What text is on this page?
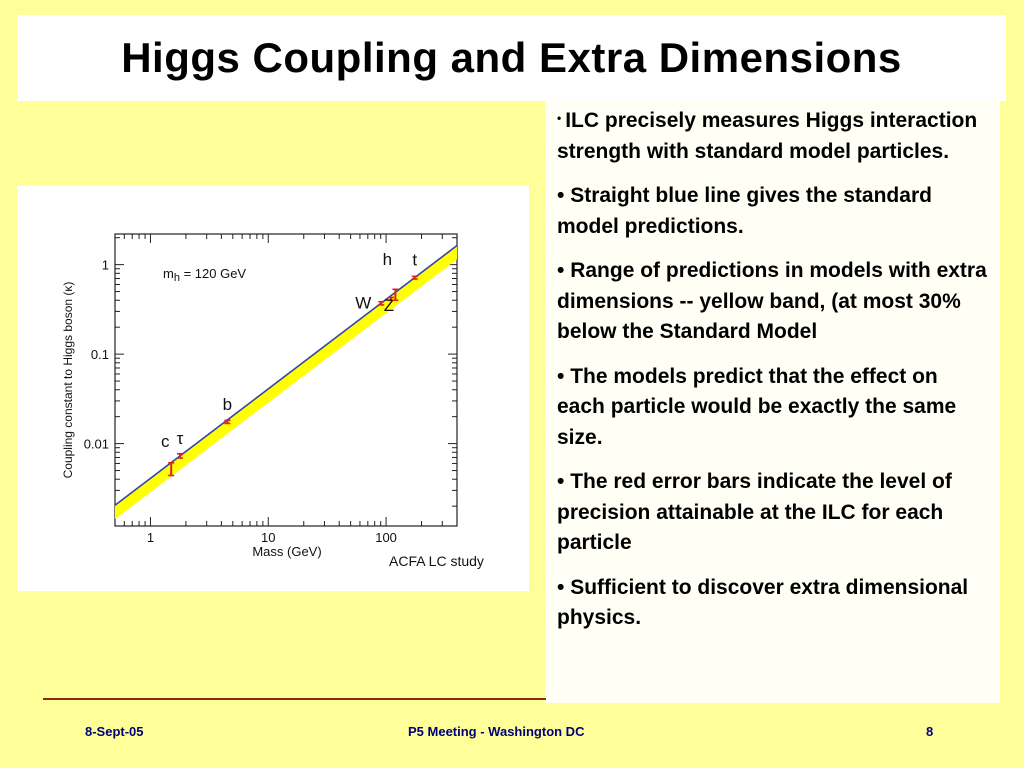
Higgs Coupling and Extra Dimensions
1	10	100
1
0.1
0.01	c τ
b
W Z
h t
$m_h = 120$ GeV
Mass (GeV)
ACFA LC study
Coupling constant to Higgs boson (κ)
• ILC precisely measures Higgs interaction strength with standard model particles.
• Straight blue line gives the standard model predictions.
• Range of predictions in models with extra dimensions -- yellow band, (at most 30% below the Standard Model
• The models predict that the effect on each particle would be exactly the same size.
• The red error bars indicate the level of precision attainable at the ILC for each particle
• Sufficient to discover extra dimensional physics.
8-Sept-05	P5 Meeting - Washington DC	8
